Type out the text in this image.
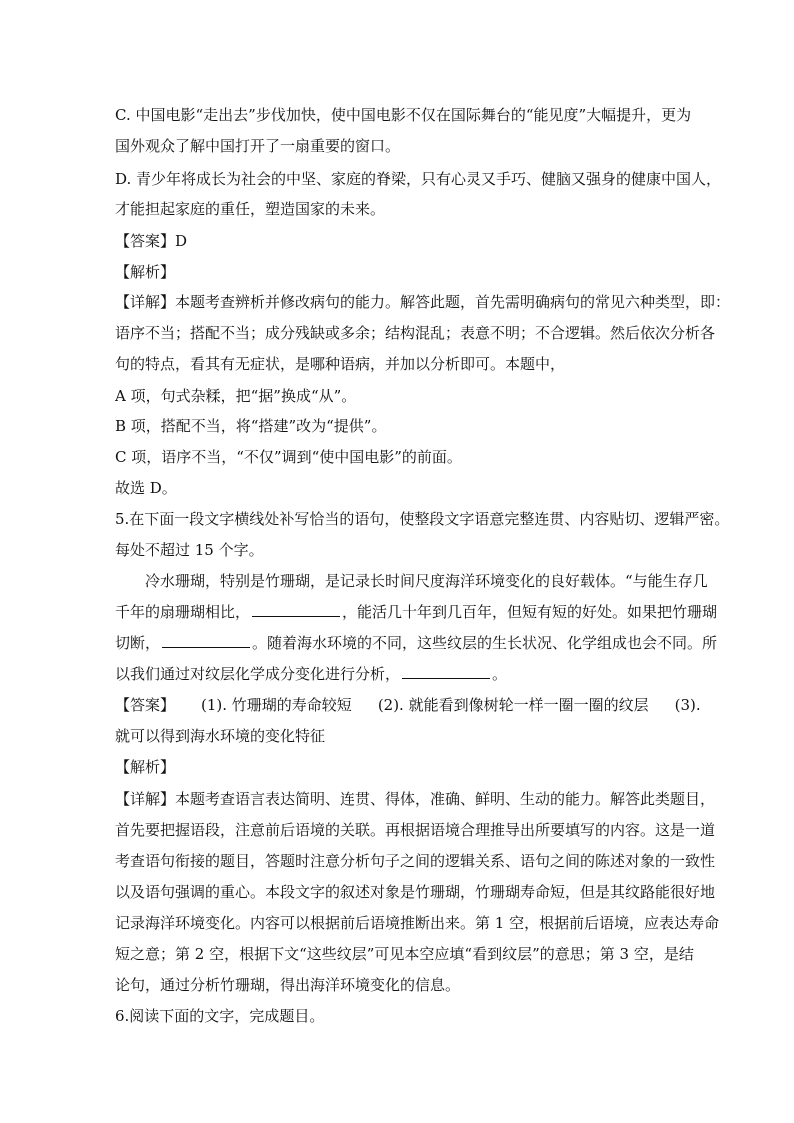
C. 中国电影“走出去”步伐加快，使中国电影不仅在国际舞台的“能见度”大幅提升，更为
国外观众了解中国打开了一扇重要的窗口。
D. 青少年将成长为社会的中坚、家庭的脊梁，只有心灵又手巧、健脑又强身的健康中国人，
才能担起家庭的重任，塑造国家的未来。
【答案】D
【解析】
【详解】本题考查辨析并修改病句的能力。解答此题，首先需明确病句的常见六种类型，即：
语序不当；搭配不当；成分残缺或多余；结构混乱；表意不明；不合逻辑。然后依次分析各
句的特点，看其有无症状，是哪种语病，并加以分析即可。本题中，
A 项，句式杂糅，把“据”换成“从”。
B 项，搭配不当，将“搭建”改为“提供”。
C 项，语序不当，“不仅”调到“使中国电影”的前面。
故选 D。
5.在下面一段文字横线处补写恰当的语句，使整段文字语意完整连贯、内容贴切、逻辑严密。
每处不超过 15 个字。
冷水珊瑚，特别是竹珊瑚，是记录长时间尺度海洋环境变化的良好载体。“与能生存几
千年的扇珊瑚相比，	，能活几十年到几百年，但短有短的好处。如果把竹珊瑚
切断，	。随着海水环境的不同，这些纹层的生长状况、化学组成也会不同。所
以我们通过对纹层化学成分变化进行分析，	。
【答案】 (1). 竹珊瑚的寿命较短 (2). 就能看到像树轮一样一圈一圈的纹层 (3).
就可以得到海水环境的变化特征
【解析】
【详解】本题考查语言表达简明、连贯、得体，准确、鲜明、生动的能力。解答此类题目，
首先要把握语段，注意前后语境的关联。再根据语境合理推导出所要填写的内容。这是一道
考查语句衔接的题目，答题时注意分析句子之间的逻辑关系、语句之间的陈述对象的一致性
以及语句强调的重心。本段文字的叙述对象是竹珊瑚，竹珊瑚寿命短，但是其纹路能很好地
记录海洋环境变化。内容可以根据前后语境推断出来。第 1 空，根据前后语境，应表达寿命
短之意；第 2 空，根据下文“这些纹层”可见本空应填“看到纹层”的意思；第 3 空，是结
论句，通过分析竹珊瑚，得出海洋环境变化的信息。
6.阅读下面的文字，完成题目。
